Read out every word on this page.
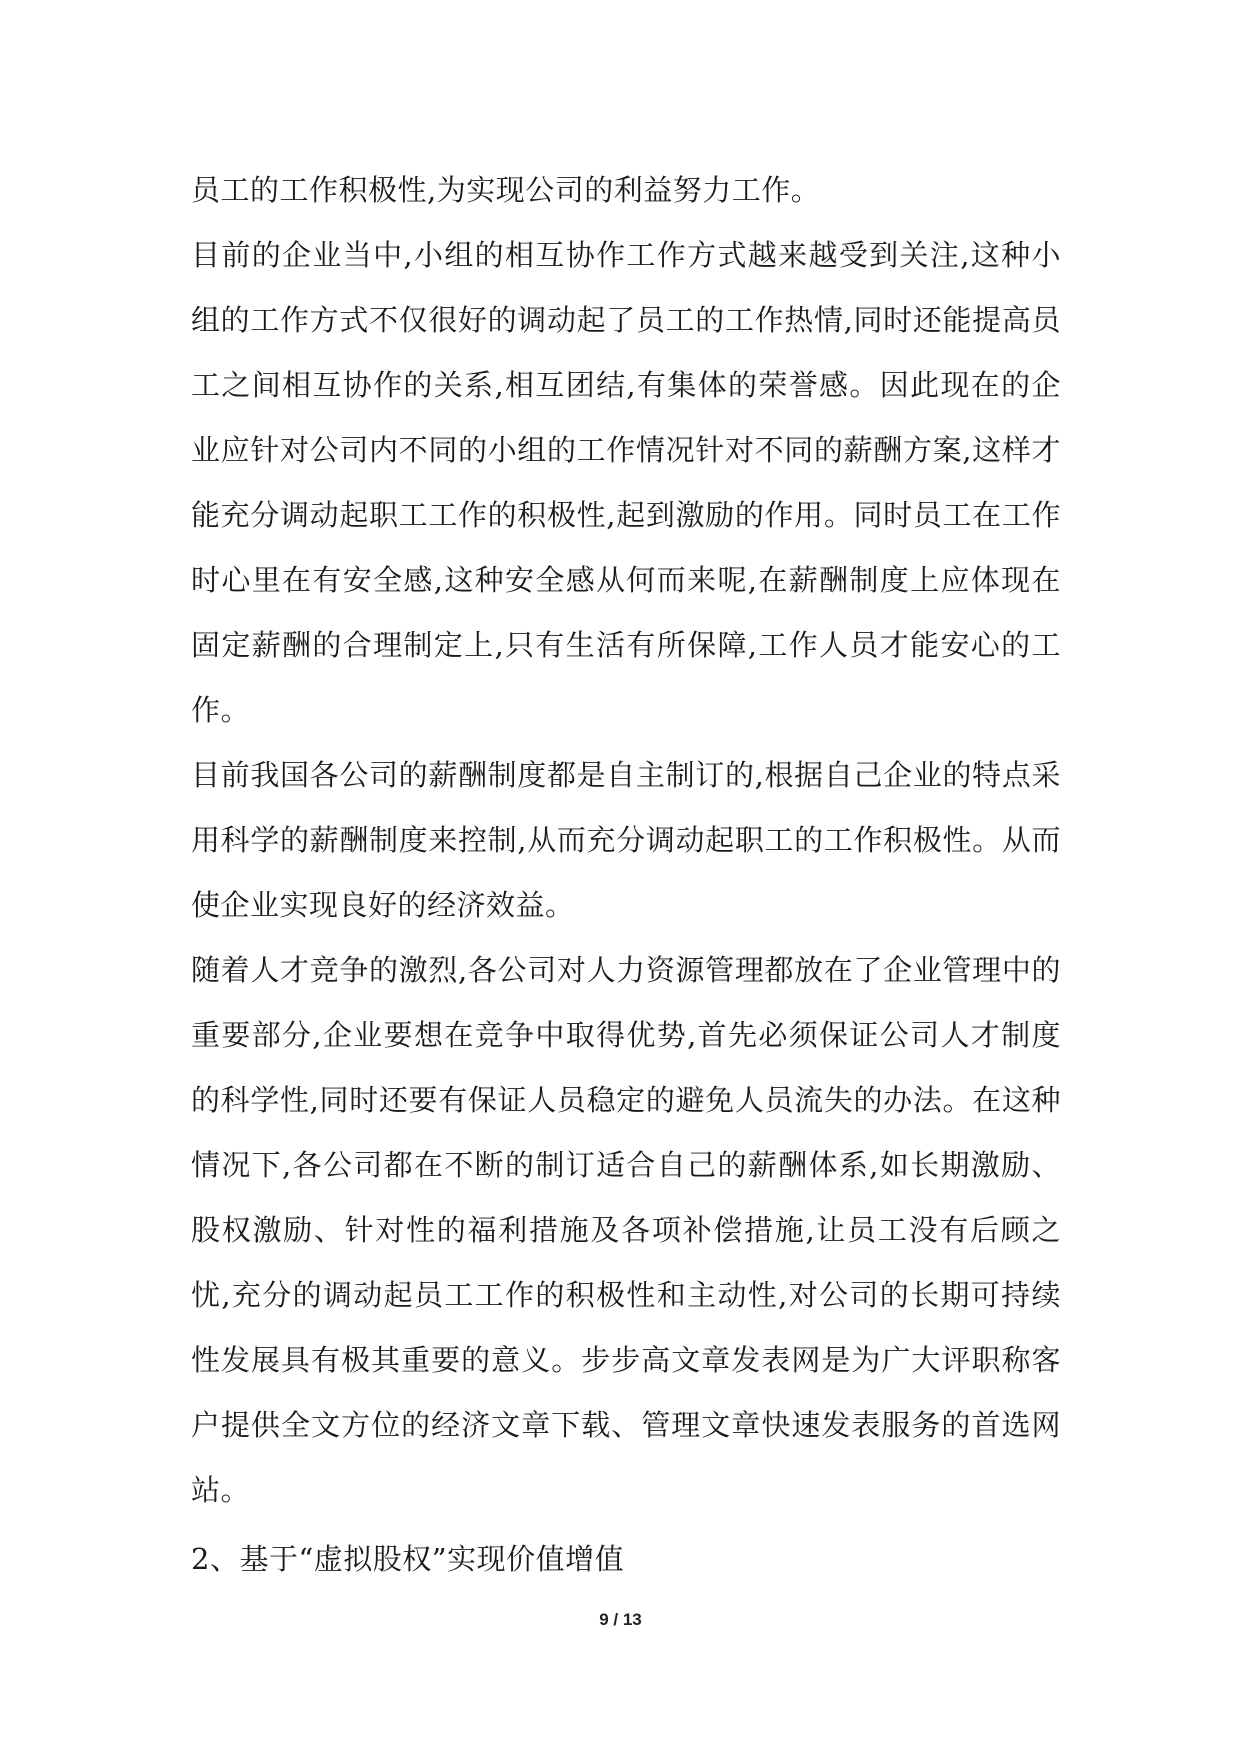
员工的工作积极性,为实现公司的利益努力工作。

目前的企业当中,小组的相互协作工作方式越来越受到关注,这种小组的工作方式不仅很好的调动起了员工的工作热情,同时还能提高员工之间相互协作的关系,相互团结,有集体的荣誉感。因此现在的企业应针对公司内不同的小组的工作情况针对不同的薪酬方案,这样才能充分调动起职工工作的积极性,起到激励的作用。同时员工在工作时心里在有安全感,这种安全感从何而来呢,在薪酬制度上应体现在固定薪酬的合理制定上,只有生活有所保障,工作人员才能安心的工作。

目前我国各公司的薪酬制度都是自主制订的,根据自己企业的特点采用科学的薪酬制度来控制,从而充分调动起职工的工作积极性。从而使企业实现良好的经济效益。

随着人才竞争的激烈,各公司对人力资源管理都放在了企业管理中的重要部分,企业要想在竞争中取得优势,首先必须保证公司人才制度的科学性,同时还要有保证人员稳定的避免人员流失的办法。在这种情况下,各公司都在不断的制订适合自己的薪酬体系,如长期激励、股权激励、针对性的福利措施及各项补偿措施,让员工没有后顾之忧,充分的调动起员工工作的积极性和主动性,对公司的长期可持续性发展具有极其重要的意义。步步高文章发表网是为广大评职称客户提供全文方位的经济文章下载、管理文章快速发表服务的首选网站。

2、基于“虚拟股权”实现价值增值

9 / 13
